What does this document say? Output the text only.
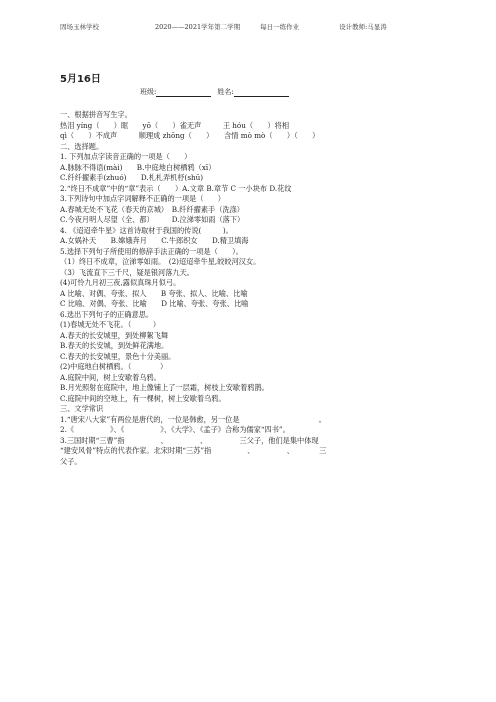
固场玉林学校	2020——2021学年第二学期	每日一练作业	设计教师:马显涛
5月16日
班级:	姓名:
一、根据拼音写生字。
热泪 yíng（　　）眶　　yō（　　）雀无声　　　王 hóu（　　）将相
qì（　　）不成声　　　顺理成 zhōng（　　）　　含情 mò mò（　　）（　　）
二、选择题。
1. 下列加点字读音正确的一项是（　　）
A.脉脉不得语(mài)　　B.中庭地白树栖鸦（xī）
C.纤纤擢素手(zhuó)　　D.札札弄机杼(shū)
2.“终日不成章”中的“章”表示（　　）A.文章 B.章节 C 一小块布 D.花纹
3.下列诗句中加点字词解释不正确的一项是（　　）
A.春城无处不飞花（春天的京城）　B.纤纤擢素手（洗涤）
C.今夜月明人尽望（全、都）　　　D.泣涕零如雨（落下）
4. 《迢迢牵牛星》这首诗取材于我国的传说(　　　)。
A.女娲补天　　B.嫦娥奔月　　C.牛郎织女　　D.精卫填海
5.选择下列句子所使用的修辞手法正确的一项是（　　）。
（1）终日不成章，泣涕零如雨。　(2)迢迢牵牛星,皎皎河汉女。
（3）飞流直下三千尺，疑是银河落九天。
(4)可怜九月初三夜,露似真珠月似弓。
A 比喻、对偶、夸张、拟人　　B 夸张、拟人、比喻、比喻
C 比喻、对偶、夸张、比喻　　D 比喻、夸张、夸张、比喻
6.选出下列句子的正确意思。
(1)春城无处不飞花。（　　　）
A.春天的长安城里，到处柳絮飞舞
B.春天的长安城，到处鲜花满地。
C.春天的长安城里，景色十分美丽。
(2)中庭地白树栖鸦。（　　　　）
A.庭院中间，树上安歇着乌鸦。
B.月光照射在庭院中，地上像铺上了一层霜，树枝上安歇着鸦鹊。
C.庭院中间的空地上，有一棵树，树上安歇着乌鸦。
三、文学常识
1.“唐宋八大家”有两位是唐代的，一位是韩愈，另一位是　　　　　　　　　　　。
2.《　　　　　》、《　　　　　》、《大学》、《孟子》合称为儒家“四书”。
3.三国时期“三曹”指　　　　　、　　　　　、　　　　　三父子，他们是集中体现
“建安风骨”特点的代表作家。北宋时期“三苏”指　　　　　、　　　　　、　　　　三
父子。
